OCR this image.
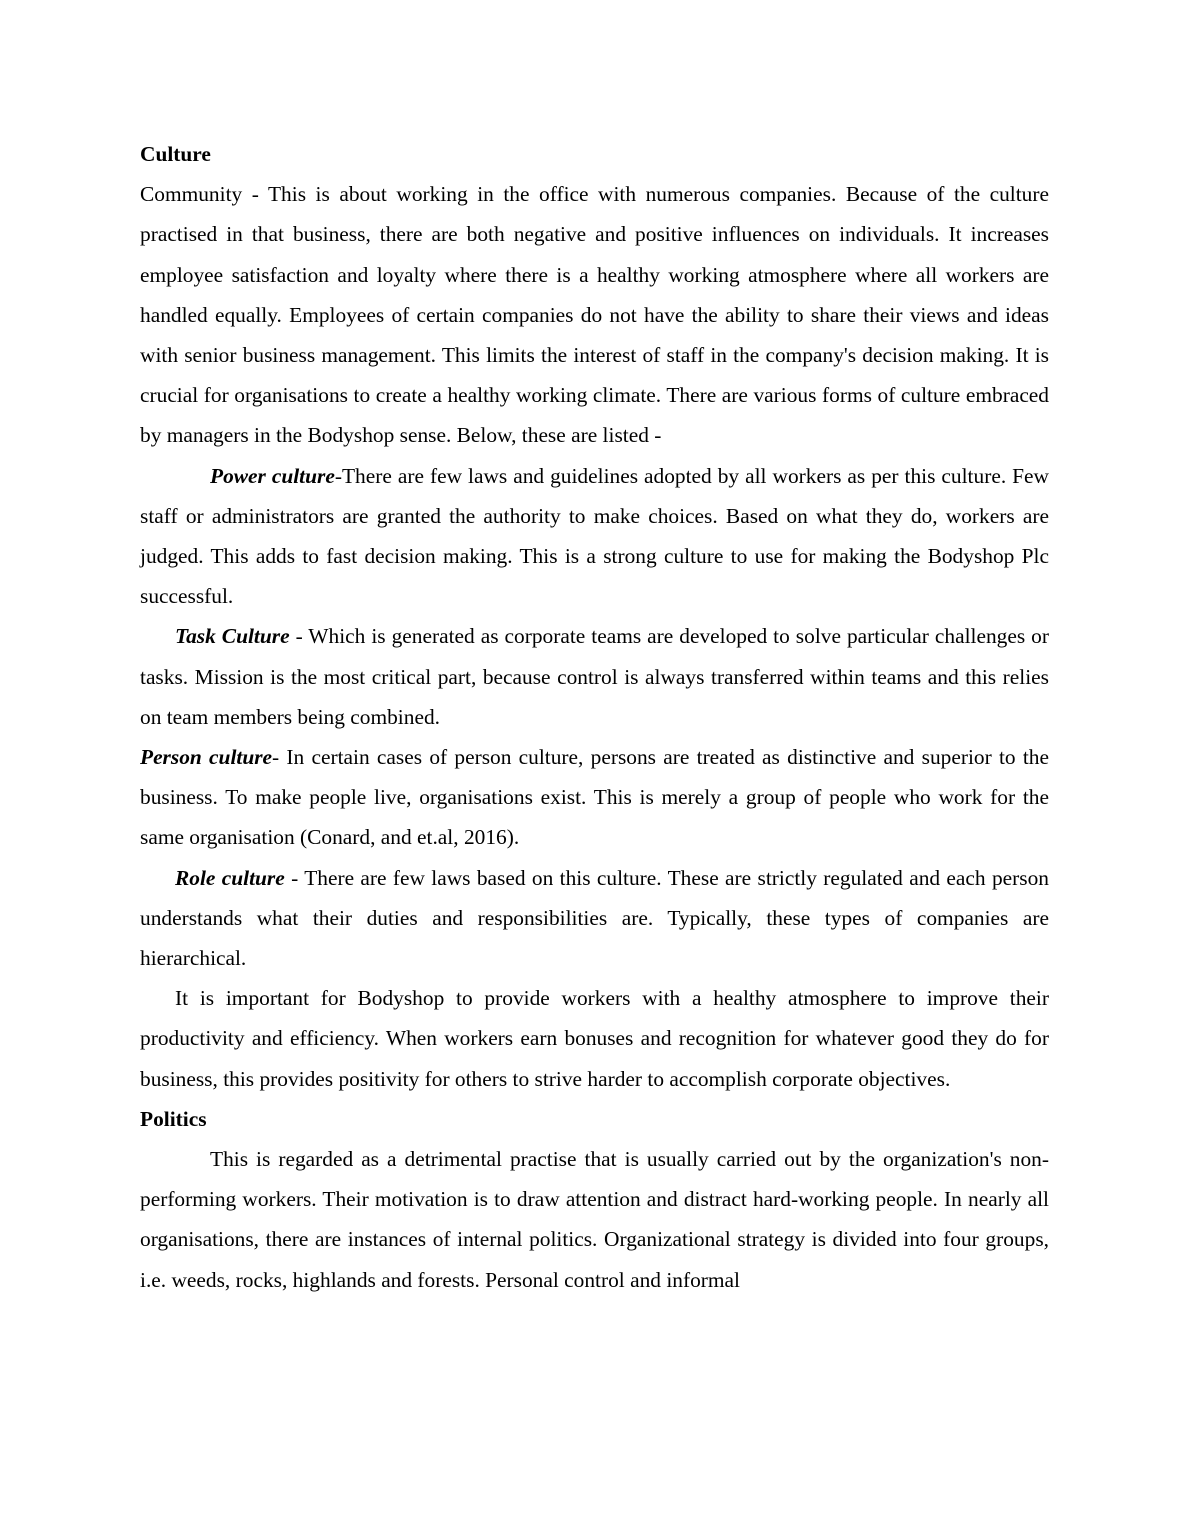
Culture

Community - This is about working in the office with numerous companies. Because of the culture practised in that business, there are both negative and positive influences on individuals. It increases employee satisfaction and loyalty where there is a healthy working atmosphere where all workers are handled equally. Employees of certain companies do not have the ability to share their views and ideas with senior business management. This limits the interest of staff in the company's decision making. It is crucial for organisations to create a healthy working climate. There are various forms of culture embraced by managers in the Bodyshop sense. Below, these are listed -

Power culture-There are few laws and guidelines adopted by all workers as per this culture. Few staff or administrators are granted the authority to make choices. Based on what they do, workers are judged. This adds to fast decision making. This is a strong culture to use for making the Bodyshop Plc successful.

Task Culture - Which is generated as corporate teams are developed to solve particular challenges or tasks. Mission is the most critical part, because control is always transferred within teams and this relies on team members being combined.

Person culture- In certain cases of person culture, persons are treated as distinctive and superior to the business. To make people live, organisations exist. This is merely a group of people who work for the same organisation (Conard, and et.al, 2016).

Role culture - There are few laws based on this culture. These are strictly regulated and each person understands what their duties and responsibilities are. Typically, these types of companies are hierarchical.

It is important for Bodyshop to provide workers with a healthy atmosphere to improve their productivity and efficiency. When workers earn bonuses and recognition for whatever good they do for business, this provides positivity for others to strive harder to accomplish corporate objectives.

Politics

This is regarded as a detrimental practise that is usually carried out by the organization's non-performing workers. Their motivation is to draw attention and distract hard-working people. In nearly all organisations, there are instances of internal politics. Organizational strategy is divided into four groups, i.e. weeds, rocks, highlands and forests. Personal control and informal
